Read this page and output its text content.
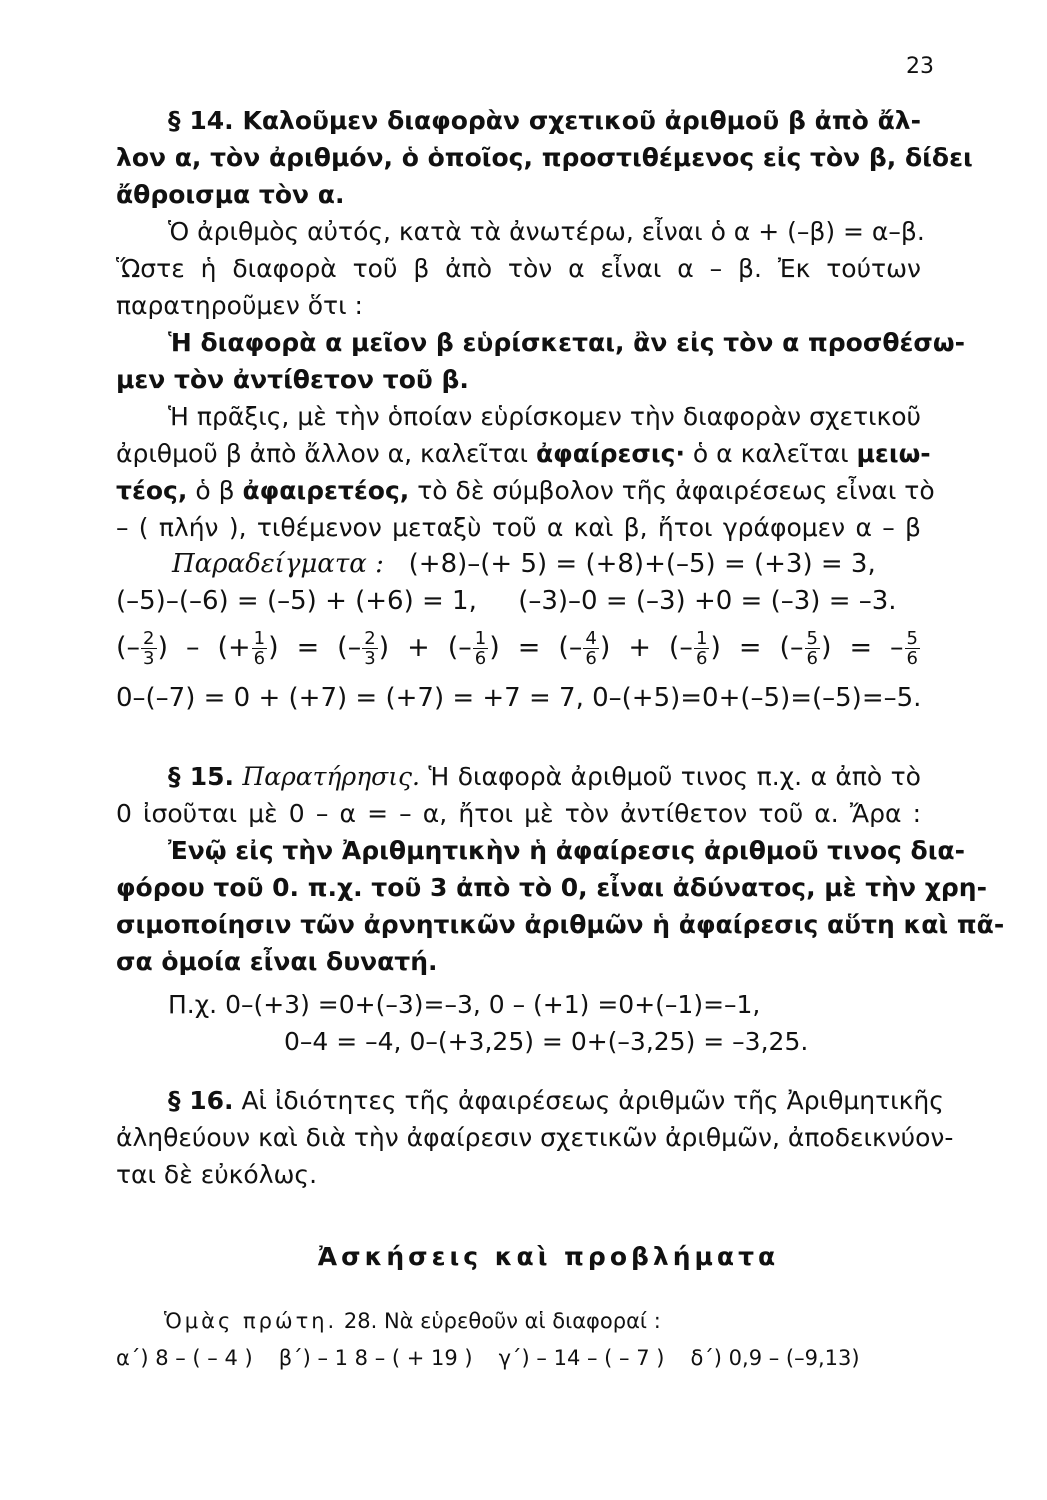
23
§ 14. Καλοῦμεν διαφορὰν σχετικοῦ ἀριθμοῦ β ἀπὸ ἄλ-
λον α, τὸν ἀριθμόν, ὁ ὁποῖος, προστιθέμενος εἰς τὸν β, δίδει
ἄθροισμα τὸν α.
Ὁ ἀριθμὸς αὐτός, κατὰ τὰ ἀνωτέρω, εἶναι ὁ α + (–β) = α–β.
Ὥστε ἡ διαφορὰ τοῦ β ἀπὸ τὸν α εἶναι α – β. Ἐκ τούτων
παρατηροῦμεν ὅτι :
Ἡ διαφορὰ α μεῖον β εὑρίσκεται, ἂν εἰς τὸν α προσθέσω-
μεν τὸν ἀντίθετον τοῦ β.
Ἡ πρᾶξις, μὲ τὴν ὁποίαν εὑρίσκομεν τὴν διαφορὰν σχετικοῦ
ἀριθμοῦ β ἀπὸ ἄλλον α, καλεῖται ἀφαίρεσις· ὁ α καλεῖται μειω-
τέος, ὁ β ἀφαιρετέος, τὸ δὲ σύμβολον τῆς ἀφαιρέσεως εἶναι τὸ
– ( πλήν ), τιθέμενον μεταξὺ τοῦ α καὶ β, ἤτοι γράφομεν α – β
Παραδείγματα : (+8)–(+ 5) = (+8)+(–5) = (+3) = 3,
(–5)–(–6) = (–5) + (+6) = 1, (–3)–0 = (–3) +0 = (–3) = –3.
(– $\frac{2}{3}$ ) – (+ $\frac{1}{6}$ ) = (– $\frac{2}{3}$ ) + (– $\frac{1}{6}$ ) = (– $\frac{4}{6}$ ) + (– $\frac{1}{6}$ ) = (– $\frac{5}{6}$ ) = – $\frac{5}{6}$
0–(–7) = 0 + (+7) = (+7) = +7 = 7, 0–(+5)=0+(–5)=(–5)=–5.
§ 15. Παρατήρησις. Ἡ διαφορὰ ἀριθμοῦ τινος π.χ. α ἀπὸ τὸ
0 ἰσοῦται μὲ 0 – α = – α, ἤτοι μὲ τὸν ἀντίθετον τοῦ α. Ἄρα :
Ἐνῷ εἰς τὴν Ἀριθμητικὴν ἡ ἀφαίρεσις ἀριθμοῦ τινος δια-
φόρου τοῦ 0. π.χ. τοῦ 3 ἀπὸ τὸ 0, εἶναι ἀδύνατος, μὲ τὴν χρη-
σιμοποίησιν τῶν ἀρνητικῶν ἀριθμῶν ἡ ἀφαίρεσις αὕτη καὶ πᾶ-
σα ὁμοία εἶναι δυνατή.
Π.χ. 0–(+3) =0+(–3)=–3, 0 – (+1) =0+(–1)=–1,
0–4 = –4, 0–(+3,25) = 0+(–3,25) = –3,25.
§ 16. Αἱ ἰδιότητες τῆς ἀφαιρέσεως ἀριθμῶν τῆς Ἀριθμητικῆς
ἀληθεύουν καὶ διὰ τὴν ἀφαίρεσιν σχετικῶν ἀριθμῶν, ἀποδεικνύον-
ται δὲ εὐκόλως.
Ἀσκήσεις καὶ προβλήματα
Ὁμὰς πρώτη. 28. Νὰ εὑρεθοῦν αἱ διαφοραί :
α΄) 8 – ( – 4 ) β΄) – 1 8 – ( + 19 ) γ΄) – 14 – ( – 7 ) δ΄) 0,9 – (–9,13)
